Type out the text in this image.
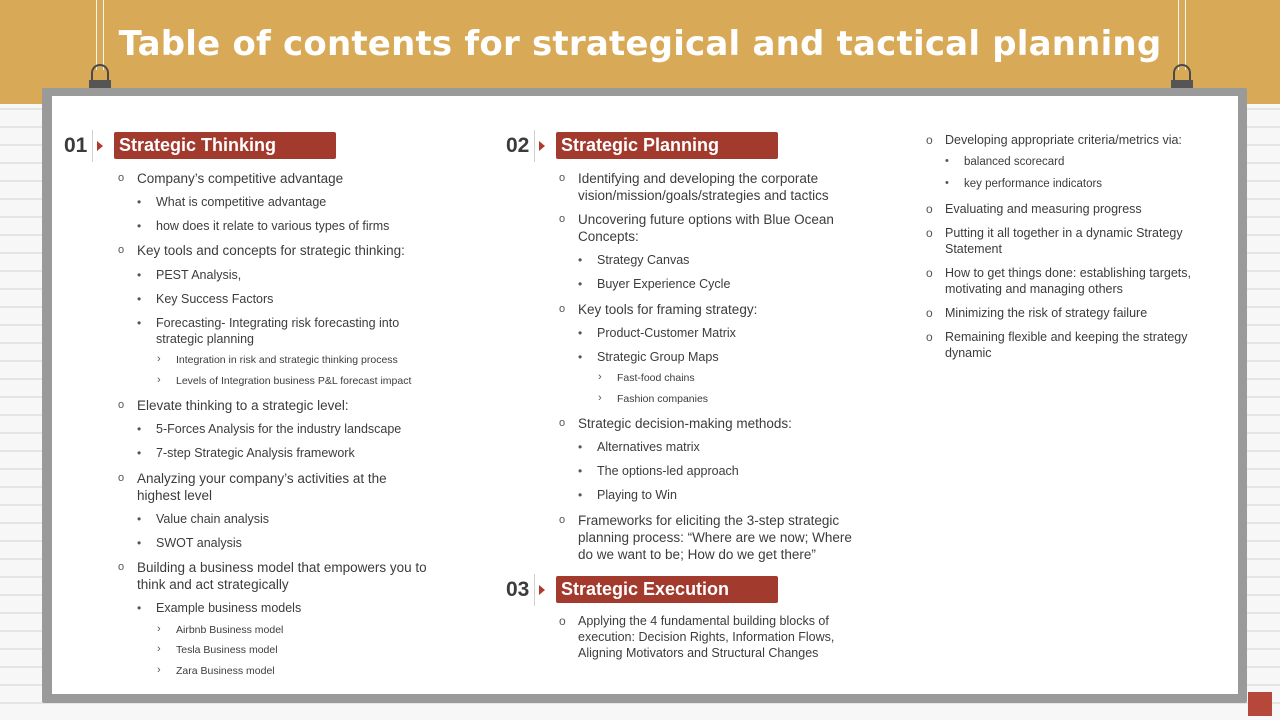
Table of contents for strategical and tactical planning
01 Strategic Thinking
o Company’s competitive advantage
• What is competitive advantage
• how does it relate to various types of firms
o Key tools and concepts for strategic thinking:
• PEST Analysis,
• Key Success Factors
• Forecasting- Integrating risk forecasting into strategic planning
› Integration in risk and strategic thinking process
› Levels of Integration business P&L forecast impact
o Elevate thinking to a strategic level:
• 5-Forces Analysis for the industry landscape
• 7-step Strategic Analysis framework
o Analyzing your company’s activities at the highest level
• Value chain analysis
• SWOT analysis
o Building a business model that empowers you to think and act strategically
• Example business models
› Airbnb Business model
› Tesla Business model
› Zara Business model
02 Strategic Planning
o Identifying and developing the corporate vision/mission/goals/strategies and tactics
o Uncovering future options with Blue Ocean Concepts:
• Strategy Canvas
• Buyer Experience Cycle
o Key tools for framing strategy:
• Product-Customer Matrix
• Strategic Group Maps
› Fast-food chains
› Fashion companies
o Strategic decision-making methods:
• Alternatives matrix
• The options-led approach
• Playing to Win
o Frameworks for eliciting the 3-step strategic planning process: “Where are we now; Where do we want to be; How do we get there”
03 Strategic Execution
o Applying the 4 fundamental building blocks of execution: Decision Rights, Information Flows, Aligning Motivators and Structural Changes
o Developing appropriate criteria/metrics via:
• balanced scorecard
• key performance indicators
o Evaluating and measuring progress
o Putting it all together in a dynamic Strategy Statement
o How to get things done: establishing targets, motivating and managing others
o Minimizing the risk of strategy failure
o Remaining flexible and keeping the strategy dynamic
